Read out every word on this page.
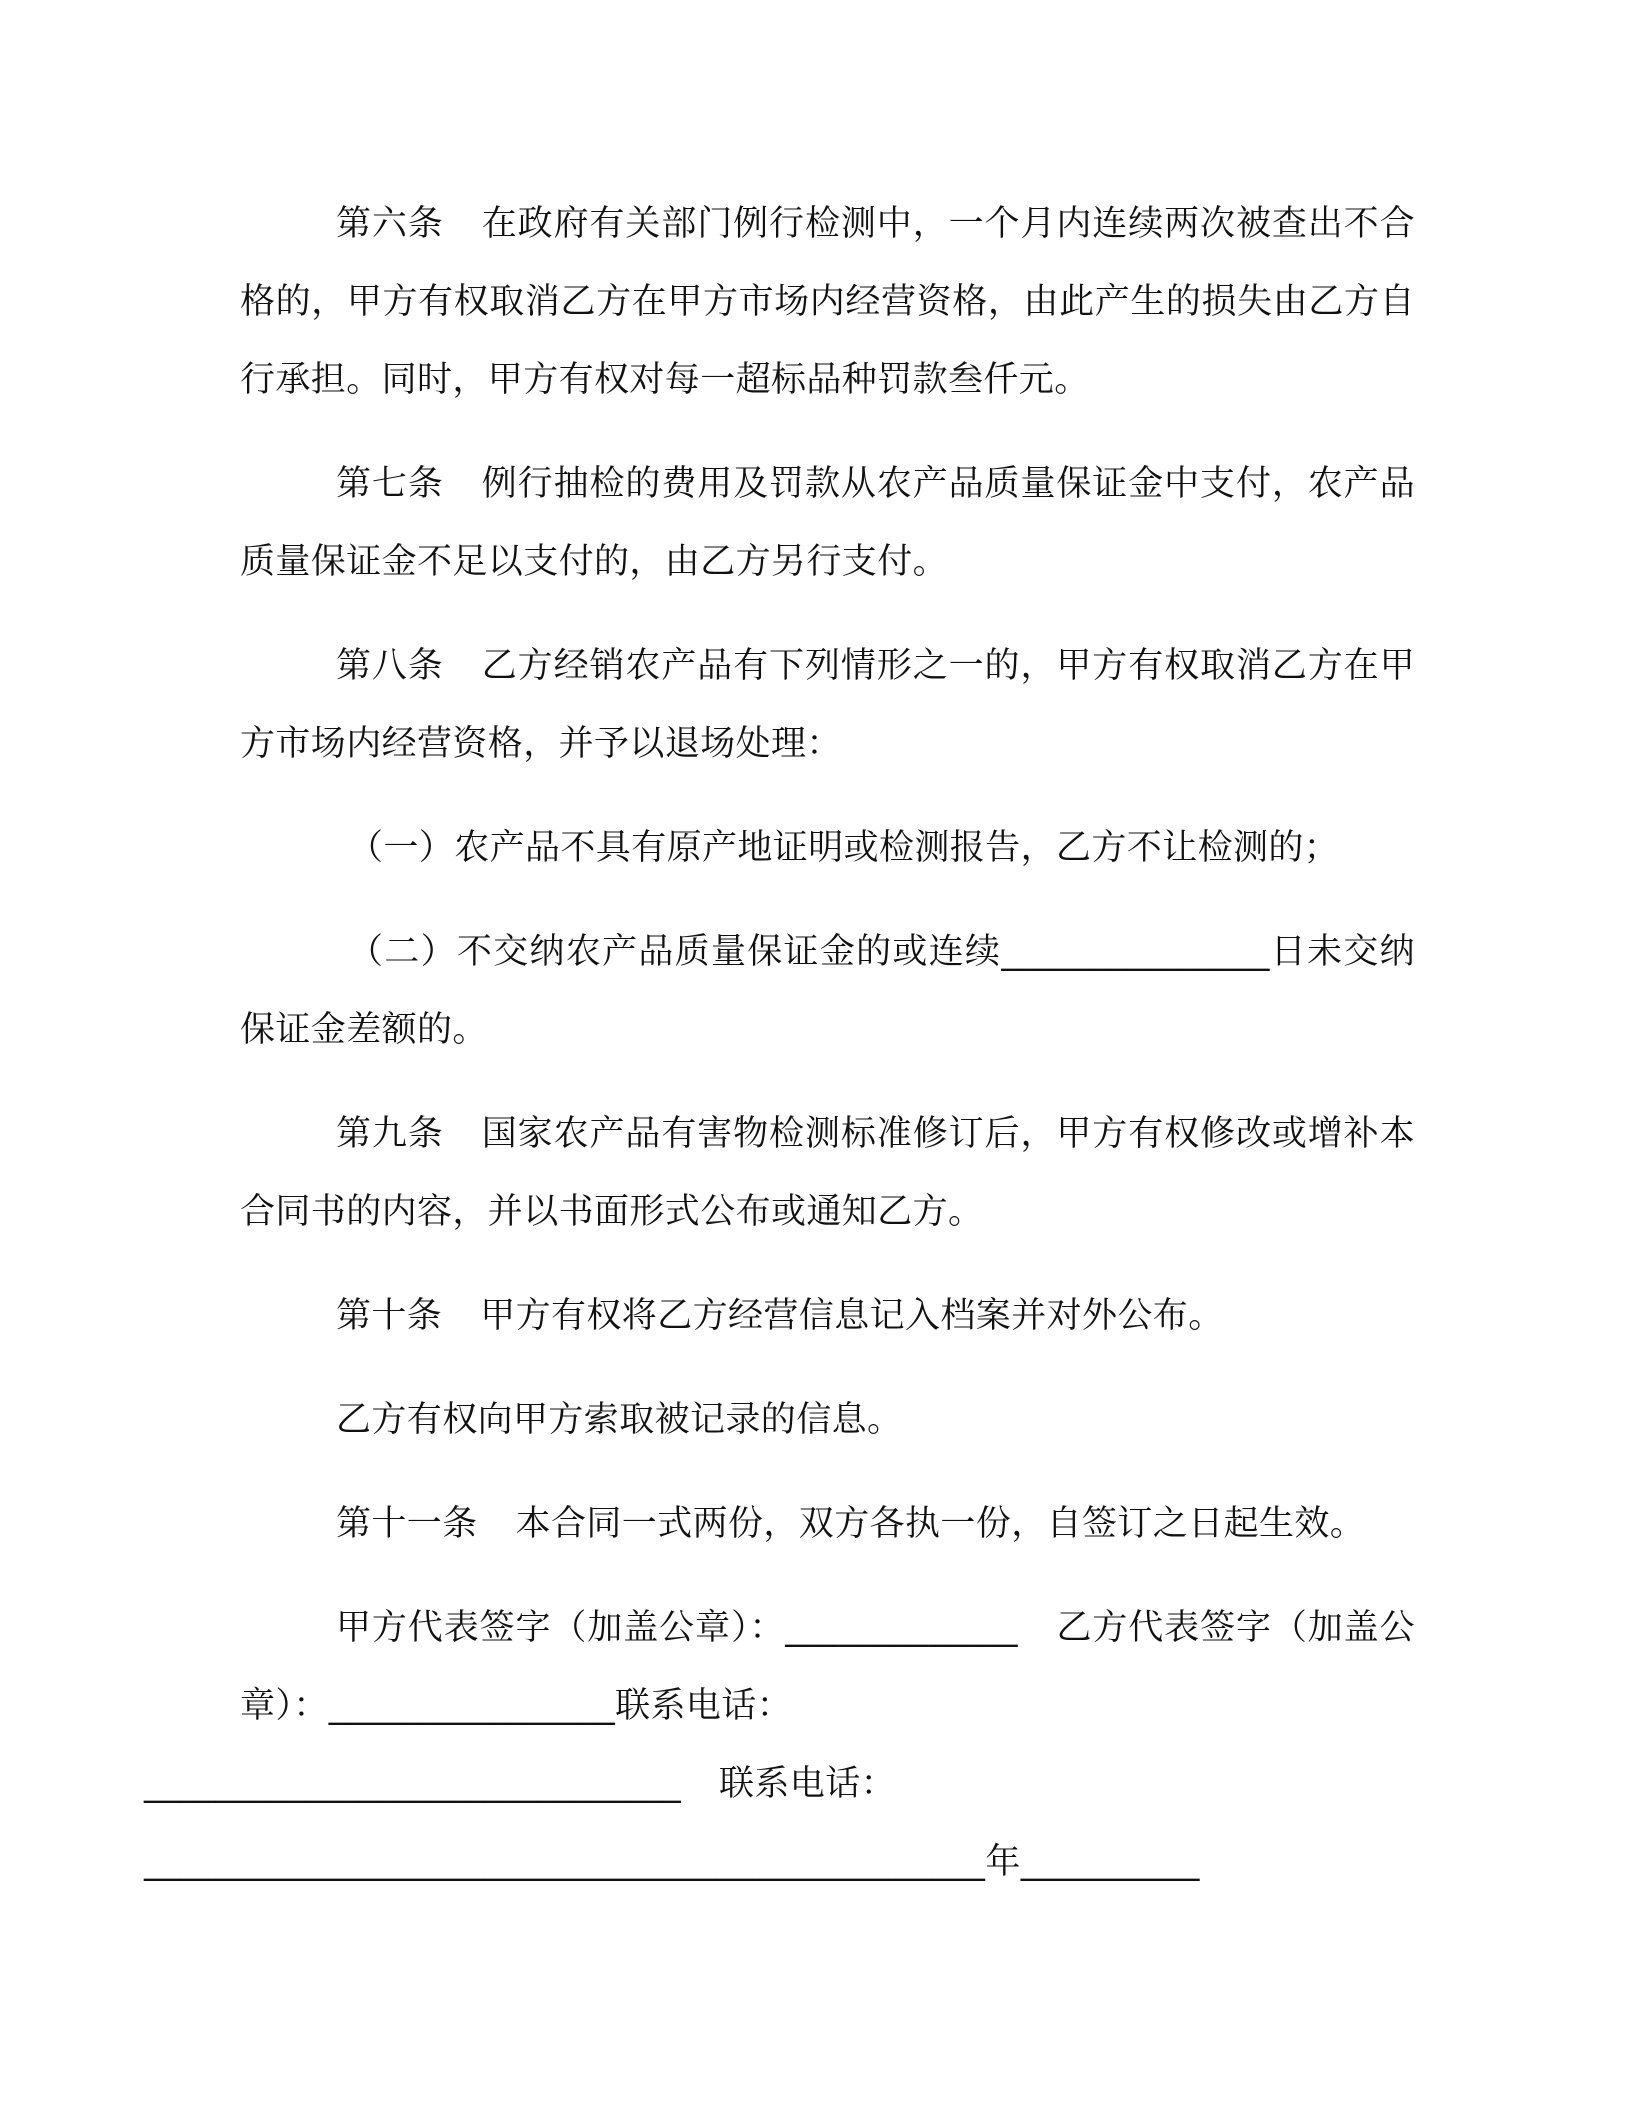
第六条 在政府有关部门例行检测中，一个月内连续两次被查出不合格的，甲方有权取消乙方在甲方市场内经营资格，由此产生的损失由乙方自行承担。同时，甲方有权对每一超标品种罚款叁仟元。

第七条 例行抽检的费用及罚款从农产品质量保证金中支付，农产品质量保证金不足以支付的，由乙方另行支付。

第八条 乙方经销农产品有下列情形之一的，甲方有权取消乙方在甲方市场内经营资格，并予以退场处理：

（一）农产品不具有原产地证明或检测报告，乙方不让检测的；

（二）不交纳农产品质量保证金的或连续_______________日未交纳保证金差额的。

第九条 国家农产品有害物检测标准修订后，甲方有权修改或增补本合同书的内容，并以书面形式公布或通知乙方。

第十条 甲方有权将乙方经营信息记入档案并对外公布。

乙方有权向甲方索取被记录的信息。

第十一条 本合同一式两份，双方各执一份，自签订之日起生效。

甲方代表签字（加盖公章）：_____________ 乙方代表签字（加盖公章）：________________联系电话：
______________________________ 联系电话：
_______________________________________________年__________
